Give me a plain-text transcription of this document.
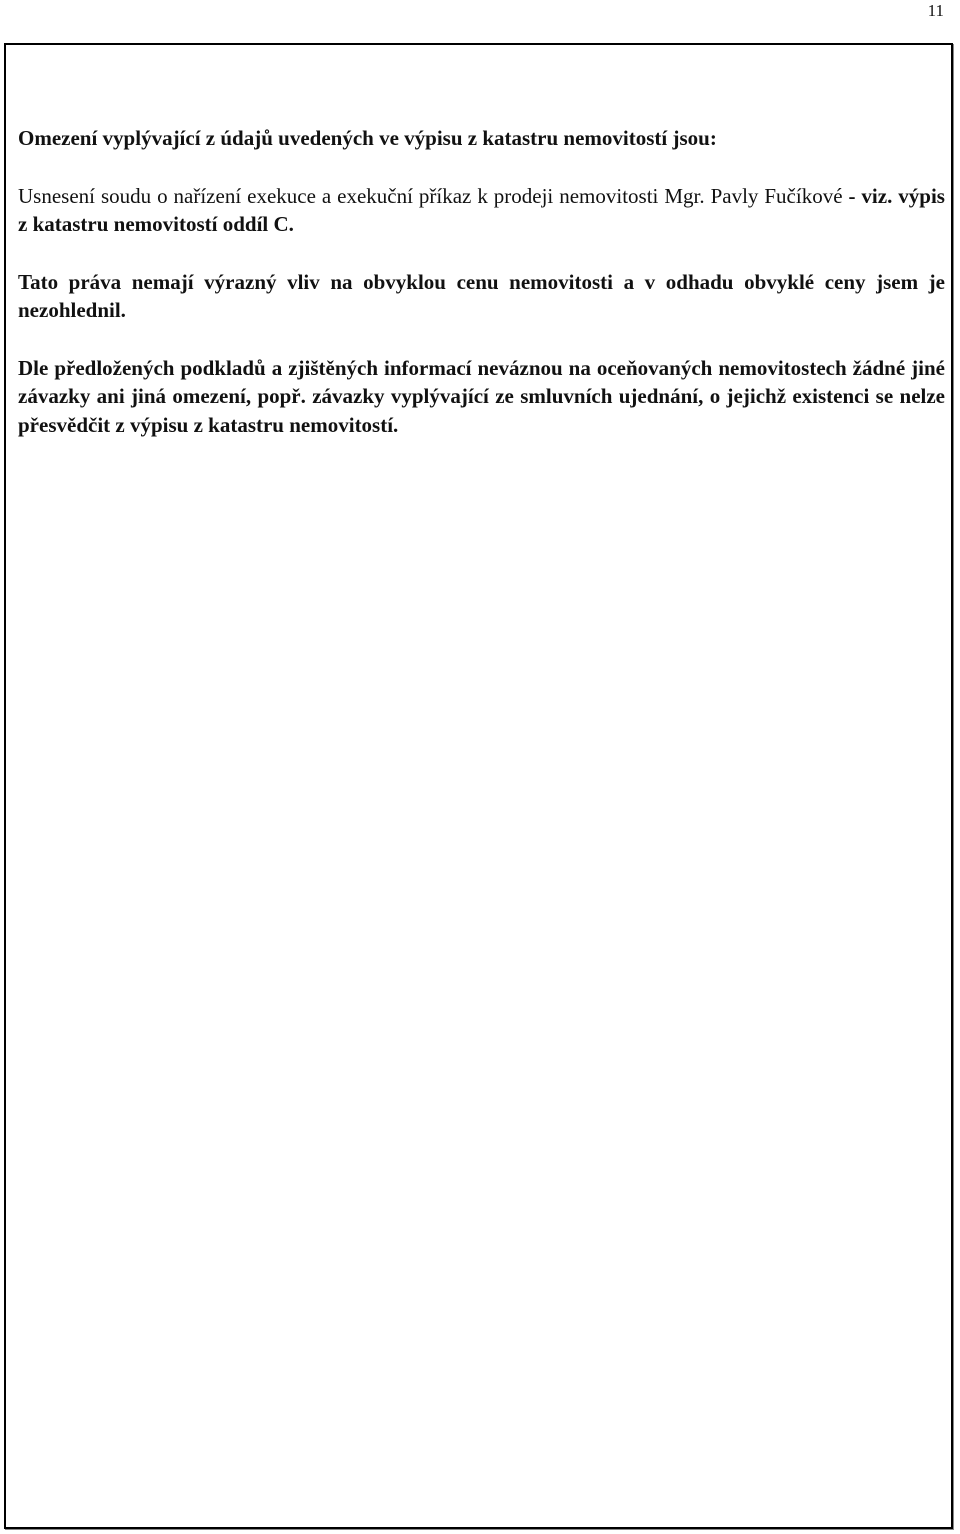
11

Omezení vyplývající z údajů uvedených ve výpisu z katastru nemovitostí jsou:

Usnesení soudu o nařízení exekuce a exekuční příkaz k prodeji nemovitosti Mgr. Pavly Fučíkové - viz. výpis z katastru nemovitostí oddíl C.

Tato práva nemají výrazný vliv na obvyklou cenu nemovitosti a v odhadu obvyklé ceny jsem je nezohlednil.

Dle předložených podkladů a zjištěných informací neváznou na oceňovaných nemovitostech žádné jiné závazky ani jiná omezení, popř. závazky vyplývající ze smluvních ujednání, o jejichž existenci se nelze přesvědčit z výpisu z katastru nemovitostí.
